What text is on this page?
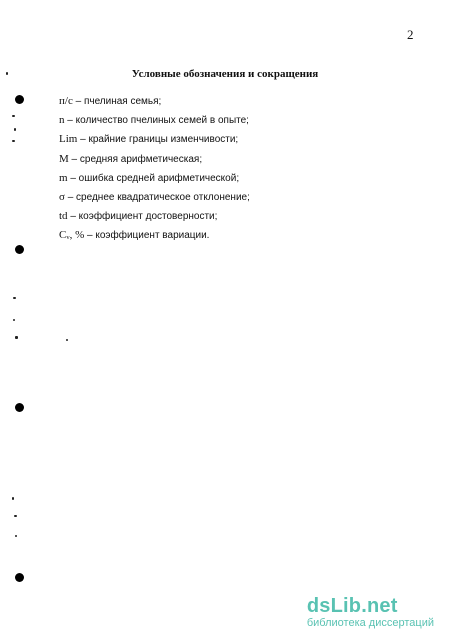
2
Условные обозначения и сокращения
п/с – пчелиная семья;
n – количество пчелиных семей в опыте;
Lim – крайние границы изменчивости;
M – средняя арифметическая;
m – ошибка средней арифметической;
σ – среднее квадратическое отклонение;
td – коэффициент достоверности;
Cᵥ, % – коэффициент вариации.
dsLib.net
библиотека диссертаций
